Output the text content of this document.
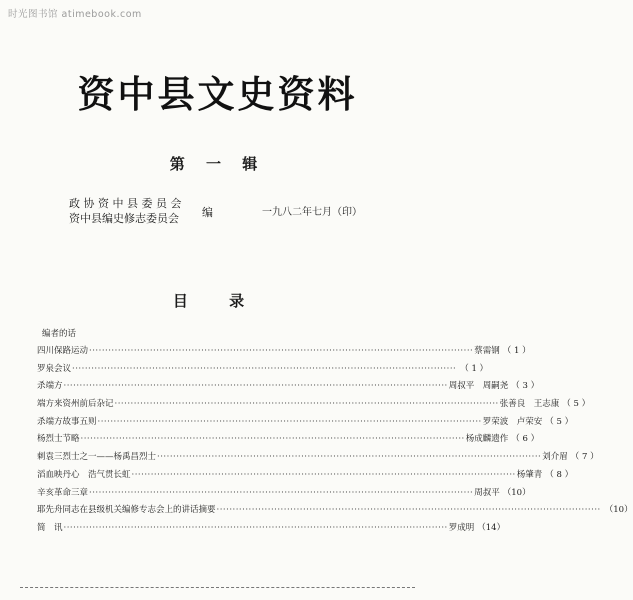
时光图书馆 atimebook.com
资中县文史资料
第 一 辑
政 协 资 中 县 委 员 会
资中县编史修志委员会 编	一九八二年七月（印）
目 录
编者的话
四川保路运动 ························································································································ 蔡需钢 （ 1 ）
罗泉会议 ························································································································ （ 1 ）
杀端方 ························································································································ 周叔平　周嗣尧 （ 3 ）
端方来资州前后杂记 ························································································································ 张善良　王志康 （ 5 ）
杀端方故事五则 ························································································································ 罗荣波　卢荣安 （ 5 ）
杨烈士节略 ························································································································ 杨成麟遗作 （ 6 ）
刺袁三烈士之一——杨禹昌烈士 ························································································································ 刘介眉 （ 7 ）
滔血映丹心　浩气贯长虹 ························································································································ 杨肇青 （ 8 ）
辛亥革命三章 ························································································································ 周叔平 （10）
耶先舟同志在县级机关编修专志会上的讲话摘要 ························································································································ （10）
简　讯 ························································································································ 罗成明 （14）
